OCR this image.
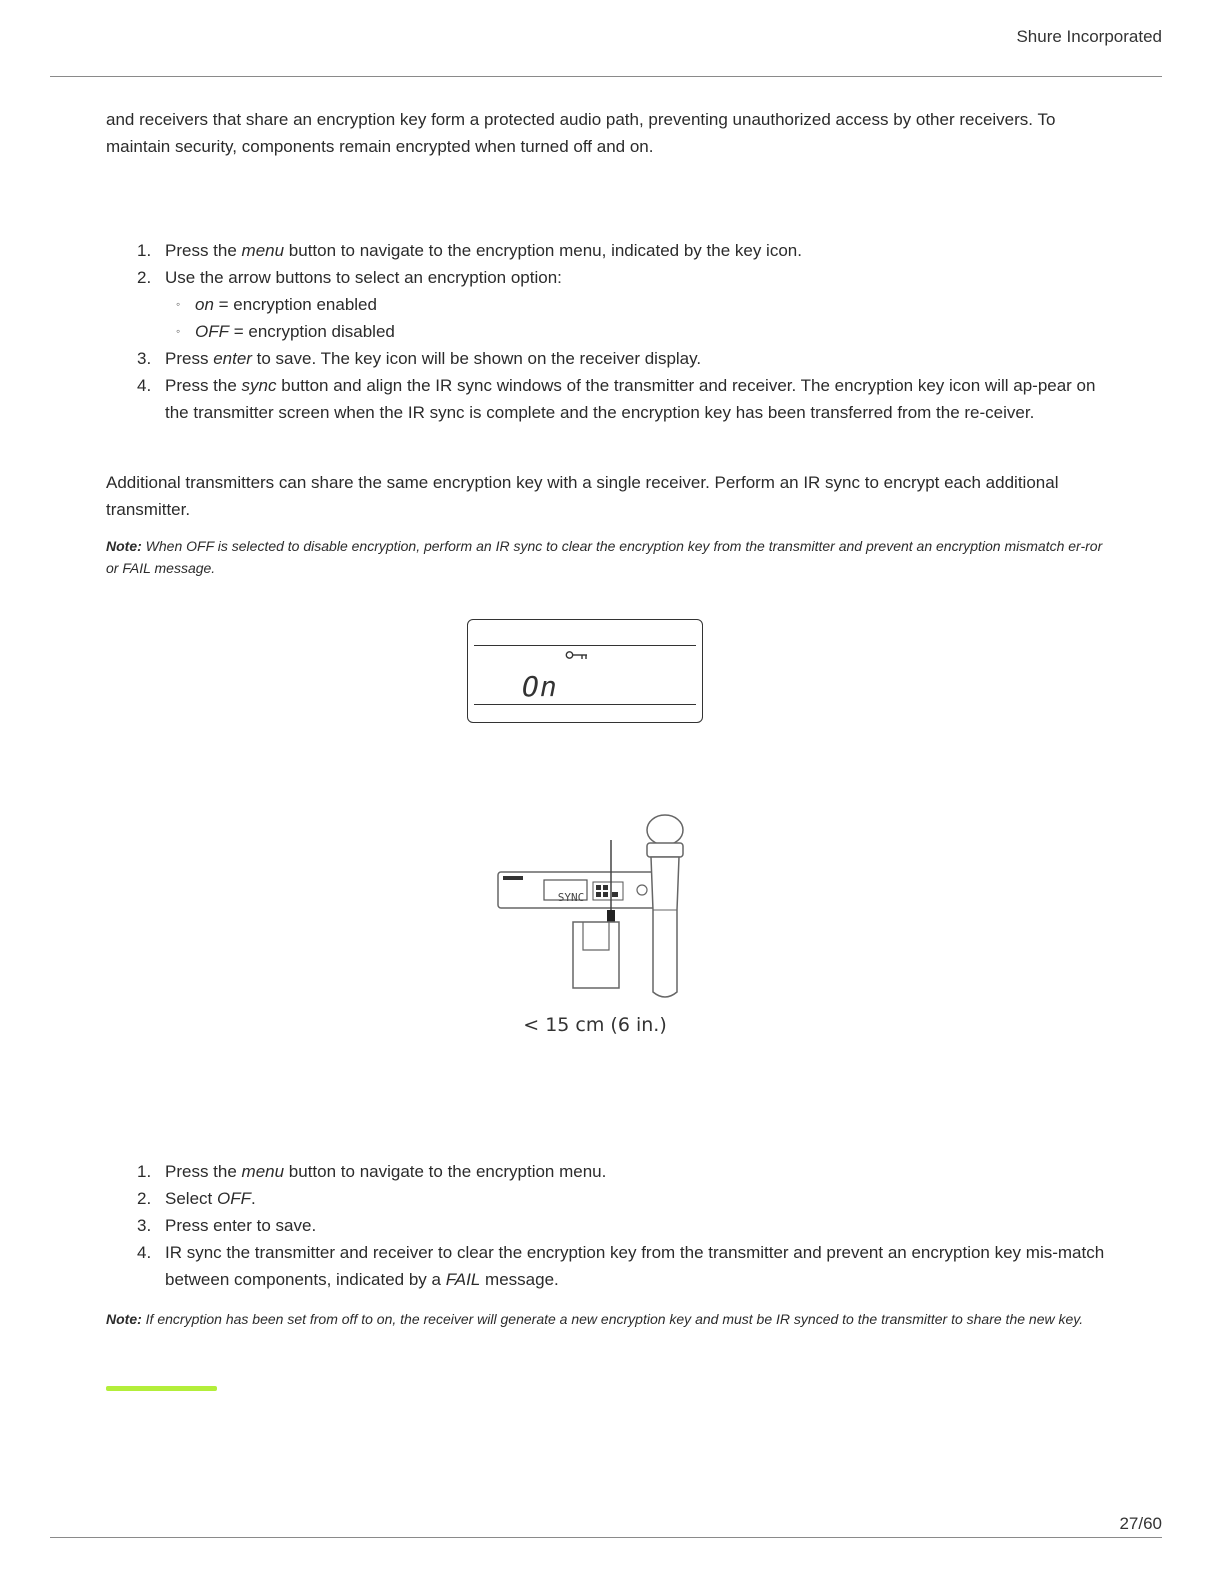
Shure Incorporated

and receivers that share an encryption key form a protected audio path, preventing unauthorized access by other receivers. To maintain security, components remain encrypted when turned off and on.

1. Press the menu button to navigate to the encryption menu, indicated by the key icon.

2. Use the arrow buttons to select an encryption option:

◦ on = encryption enabled
◦ OFF = encryption disabled
3. Press enter to save. The key icon will be shown on the receiver display.

4. Press the sync button and align the IR sync windows of the transmitter and receiver. The encryption key icon will ap-pear on the transmitter screen when the IR sync is complete and the encryption key has been transferred from the re-ceiver.

Additional transmitters can share the same encryption key with a single receiver. Perform an IR sync to encrypt each additional transmitter.

Note: When OFF is selected to disable encryption, perform an IR sync to clear the encryption key from the transmitter and prevent an encryption mismatch er-ror or FAIL message.

On
SYNC
< 15 cm (6 in.)
1. Press the menu button to navigate to the encryption menu.

2. Select OFF.

3. Press enter to save.

4. IR sync the transmitter and receiver to clear the encryption key from the transmitter and prevent an encryption key mis-match between components, indicated by a FAIL message.

Note: If encryption has been set from off to on, the receiver will generate a new encryption key and must be IR synced to the transmitter to share the new key.

27/60
